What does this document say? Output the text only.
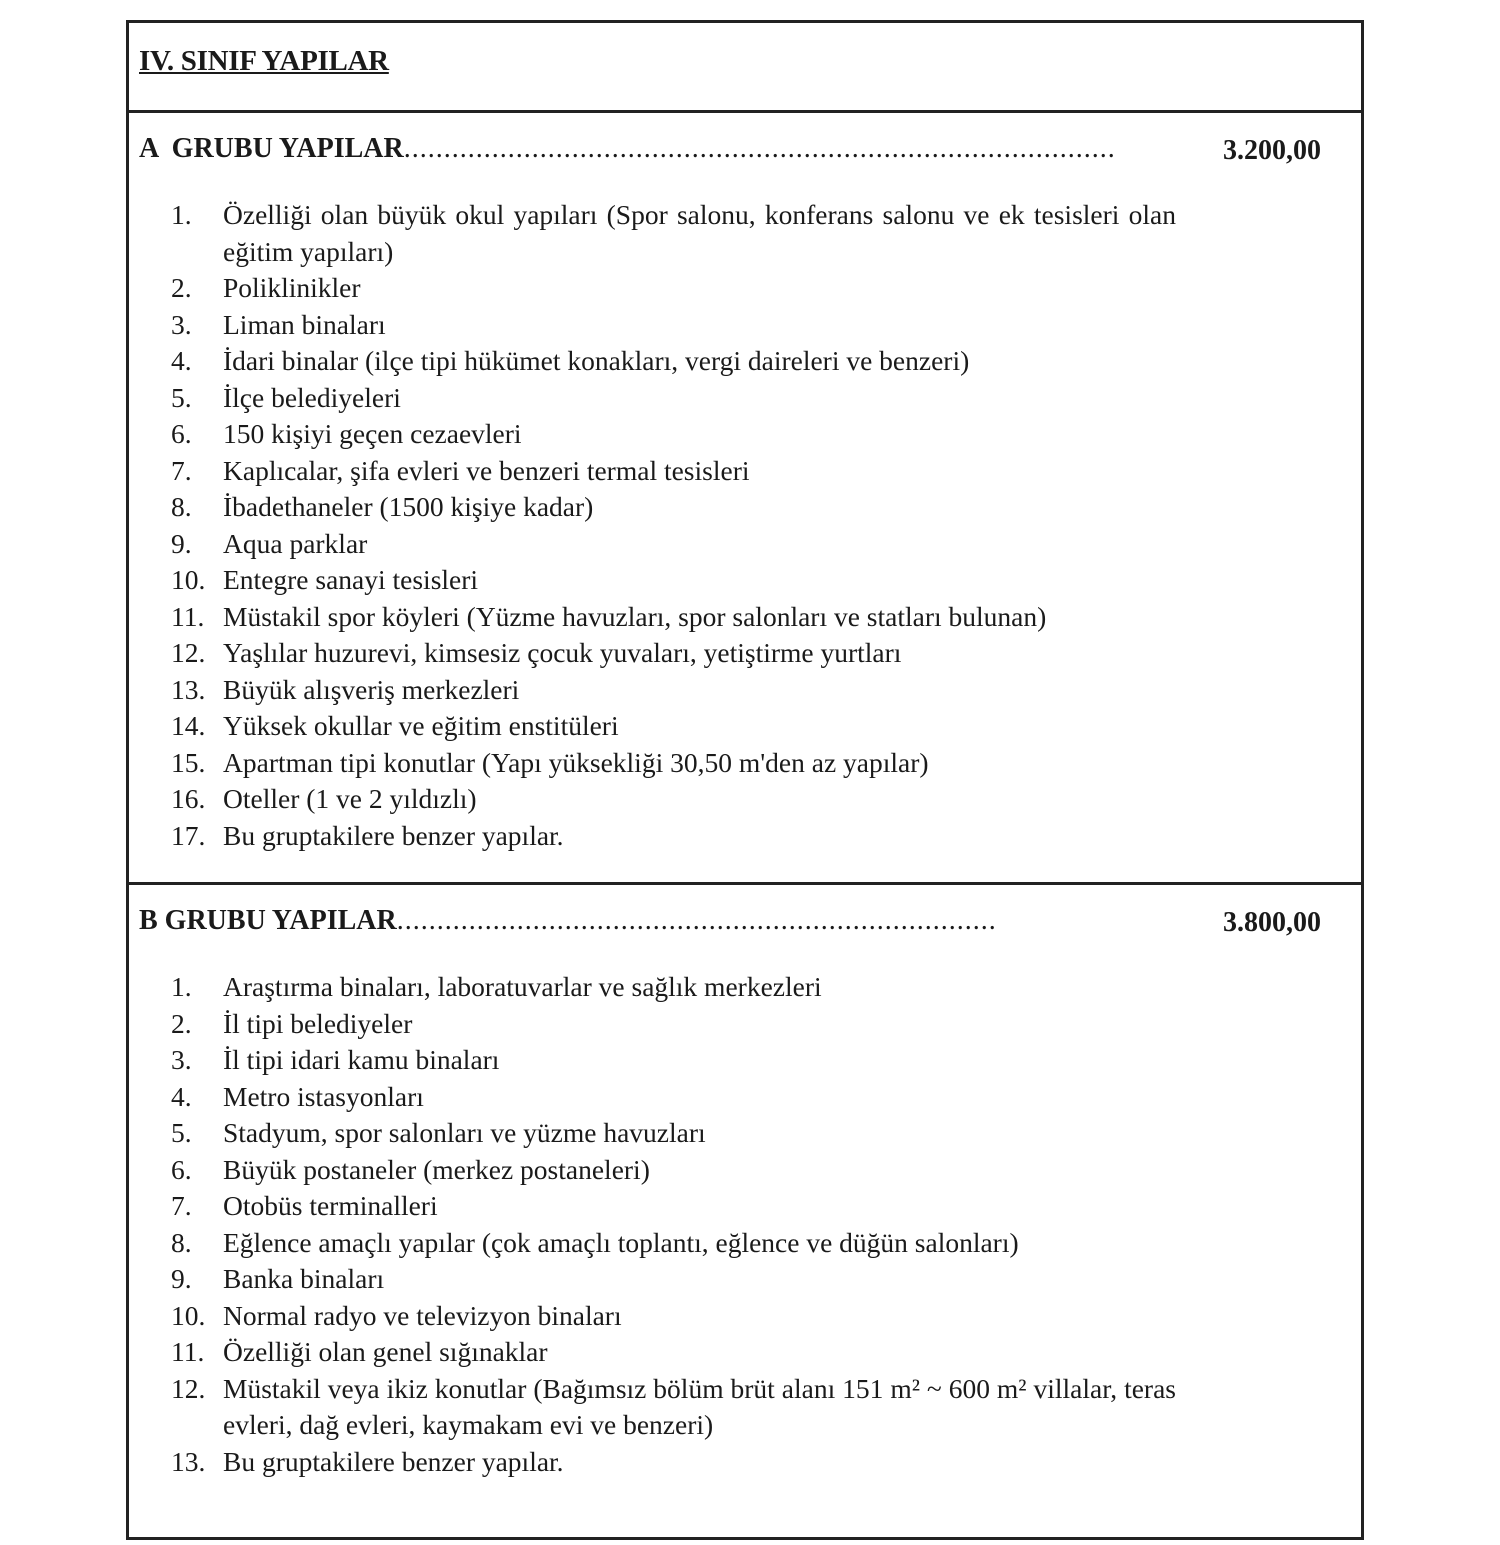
IV. SINIF YAPILAR
A  GRUBU YAPILAR.........................................................................................	3.200,00
1. Özelliği olan büyük okul yapıları (Spor salonu, konferans salonu ve ek tesisleri olan eğitim yapıları)
2. Poliklinikler
3. Liman binaları
4. İdari binalar (ilçe tipi hükümet konakları, vergi daireleri ve benzeri)
5. İlçe belediyeleri
6. 150 kişiyi geçen cezaevleri
7. Kaplıcalar, şifa evleri ve benzeri termal tesisleri
8. İbadethaneler (1500 kişiye kadar)
9. Aqua parklar
10. Entegre sanayi tesisleri
11. Müstakil spor köyleri (Yüzme havuzları, spor salonları ve statları bulunan)
12. Yaşlılar huzurevi, kimsesiz çocuk yuvaları, yetiştirme yurtları
13. Büyük alışveriş merkezleri
14. Yüksek okullar ve eğitim enstitüleri
15. Apartman tipi konutlar (Yapı yüksekliği 30,50 m'den az yapılar)
16. Oteller (1 ve 2 yıldızlı)
17. Bu gruptakilere benzer yapılar.
B GRUBU YAPILAR...........................................................................	3.800,00
1. Araştırma binaları, laboratuvarlar ve sağlık merkezleri
2. İl tipi belediyeler
3. İl tipi idari kamu binaları
4. Metro istasyonları
5. Stadyum, spor salonları ve yüzme havuzları
6. Büyük postaneler (merkez postaneleri)
7. Otobüs terminalleri
8. Eğlence amaçlı yapılar (çok amaçlı toplantı, eğlence ve düğün salonları)
9. Banka binaları
10. Normal radyo ve televizyon binaları
11. Özelliği olan genel sığınaklar
12. Müstakil veya ikiz konutlar (Bağımsız bölüm brüt alanı 151 m² ~ 600 m² villalar, teras evleri, dağ evleri, kaymakam evi ve benzeri)
13. Bu gruptakilere benzer yapılar.
